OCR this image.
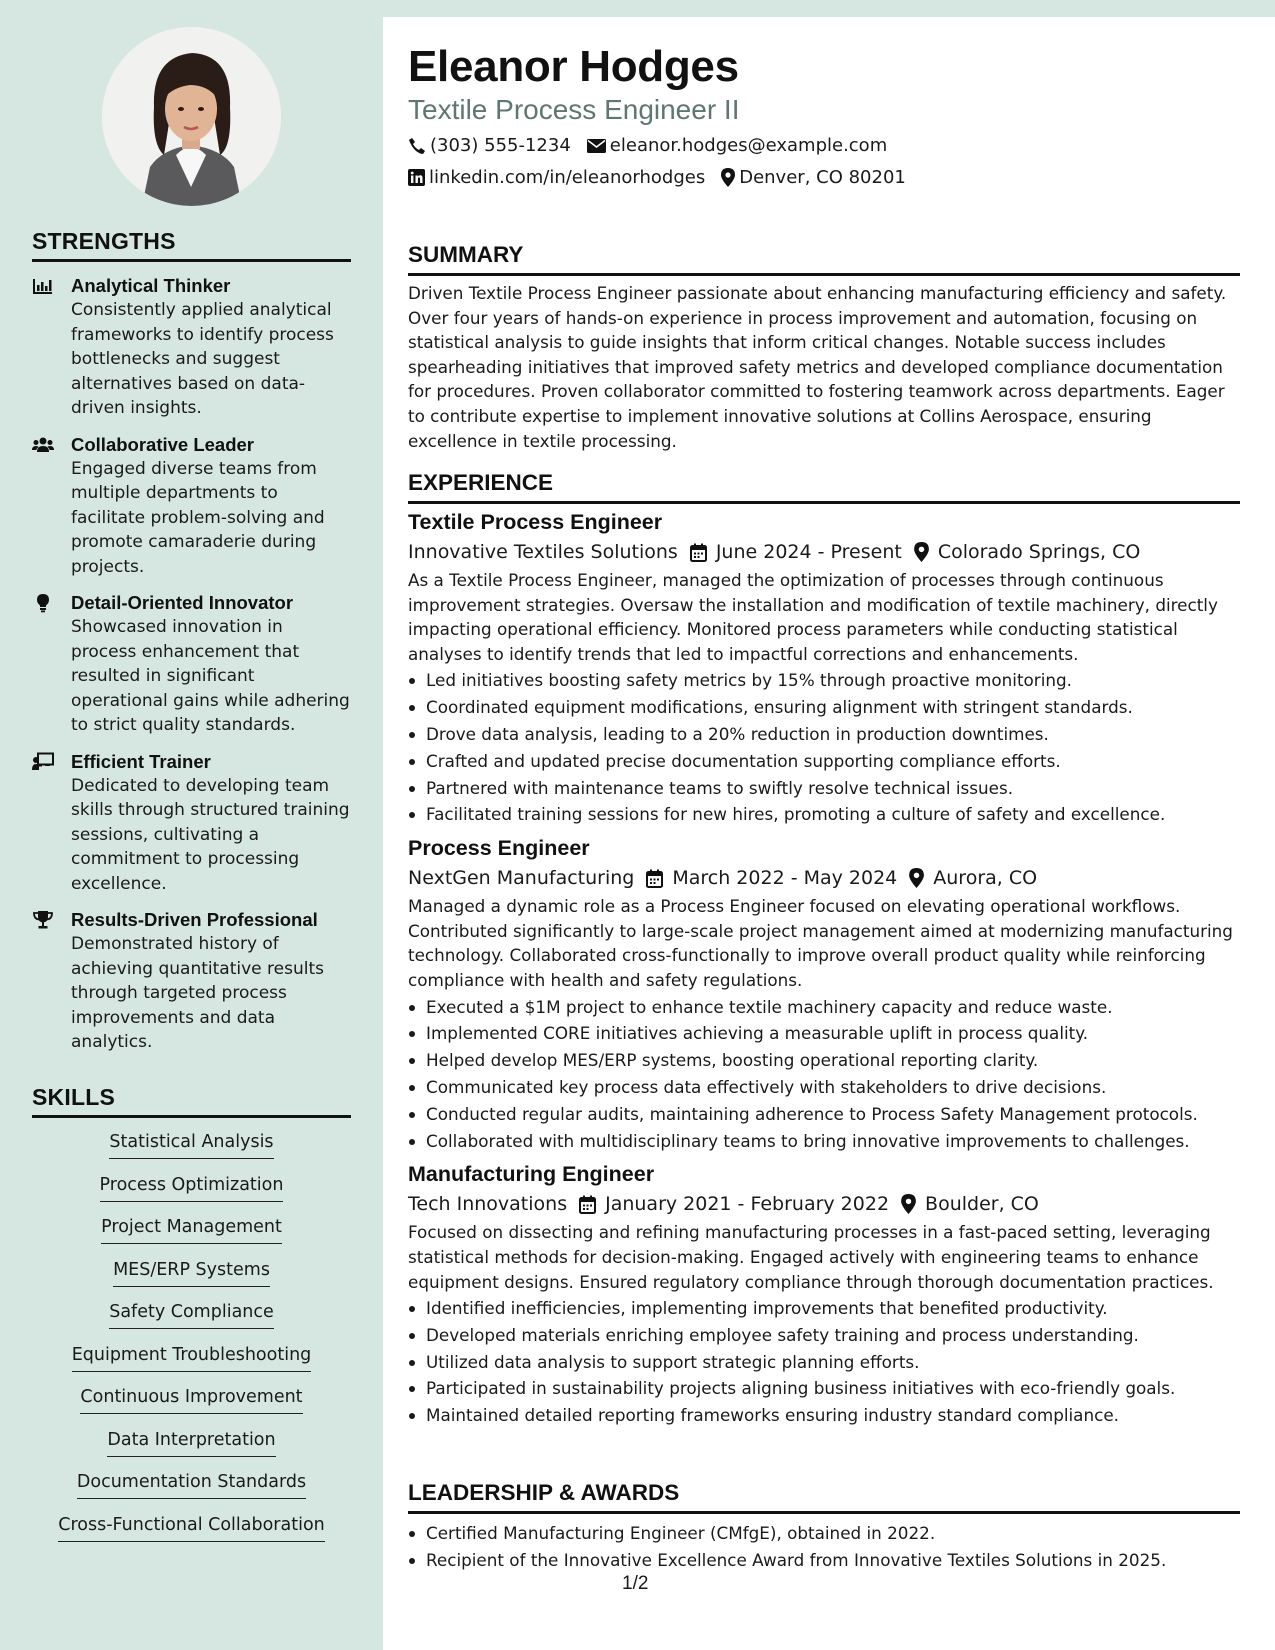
STRENGTHS
Analytical Thinker
Consistently applied analytical frameworks to identify process bottlenecks and suggest alternatives based on data-driven insights.
Collaborative Leader
Engaged diverse teams from multiple departments to facilitate problem-solving and promote camaraderie during projects.
Detail-Oriented Innovator
Showcased innovation in process enhancement that resulted in significant operational gains while adhering to strict quality standards.
Efficient Trainer
Dedicated to developing team skills through structured training sessions, cultivating a commitment to processing excellence.
Results-Driven Professional
Demonstrated history of achieving quantitative results through targeted process improvements and data analytics.
SKILLS
Statistical Analysis
Process Optimization
Project Management
MES/ERP Systems
Safety Compliance
Equipment Troubleshooting
Continuous Improvement
Data Interpretation
Documentation Standards
Cross-Functional Collaboration
Eleanor Hodges
Textile Process Engineer II
(303) 555-1234 eleanor.hodges@example.com
linkedin.com/in/eleanorhodges Denver, CO 80201
SUMMARY
Driven Textile Process Engineer passionate about enhancing manufacturing efficiency and safety. Over four years of hands-on experience in process improvement and automation, focusing on statistical analysis to guide insights that inform critical changes. Notable success includes spearheading initiatives that improved safety metrics and developed compliance documentation for procedures. Proven collaborator committed to fostering teamwork across departments. Eager to contribute expertise to implement innovative solutions at Collins Aerospace, ensuring excellence in textile processing.
EXPERIENCE
Textile Process Engineer
Innovative Textiles Solutions June 2024 - Present Colorado Springs, CO
As a Textile Process Engineer, managed the optimization of processes through continuous improvement strategies. Oversaw the installation and modification of textile machinery, directly impacting operational efficiency. Monitored process parameters while conducting statistical analyses to identify trends that led to impactful corrections and enhancements.
Led initiatives boosting safety metrics by 15% through proactive monitoring.
Coordinated equipment modifications, ensuring alignment with stringent standards.
Drove data analysis, leading to a 20% reduction in production downtimes.
Crafted and updated precise documentation supporting compliance efforts.
Partnered with maintenance teams to swiftly resolve technical issues.
Facilitated training sessions for new hires, promoting a culture of safety and excellence.
Process Engineer
NextGen Manufacturing March 2022 - May 2024 Aurora, CO
Managed a dynamic role as a Process Engineer focused on elevating operational workflows. Contributed significantly to large-scale project management aimed at modernizing manufacturing technology. Collaborated cross-functionally to improve overall product quality while reinforcing compliance with health and safety regulations.
Executed a $1M project to enhance textile machinery capacity and reduce waste.
Implemented CORE initiatives achieving a measurable uplift in process quality.
Helped develop MES/ERP systems, boosting operational reporting clarity.
Communicated key process data effectively with stakeholders to drive decisions.
Conducted regular audits, maintaining adherence to Process Safety Management protocols.
Collaborated with multidisciplinary teams to bring innovative improvements to challenges.
Manufacturing Engineer
Tech Innovations January 2021 - February 2022 Boulder, CO
Focused on dissecting and refining manufacturing processes in a fast-paced setting, leveraging statistical methods for decision-making. Engaged actively with engineering teams to enhance equipment designs. Ensured regulatory compliance through thorough documentation practices.
Identified inefficiencies, implementing improvements that benefited productivity.
Developed materials enriching employee safety training and process understanding.
Utilized data analysis to support strategic planning efforts.
Participated in sustainability projects aligning business initiatives with eco-friendly goals.
Maintained detailed reporting frameworks ensuring industry standard compliance.
LEADERSHIP & AWARDS
Certified Manufacturing Engineer (CMfgE), obtained in 2022.
Recipient of the Innovative Excellence Award from Innovative Textiles Solutions in 2025.
1/2
